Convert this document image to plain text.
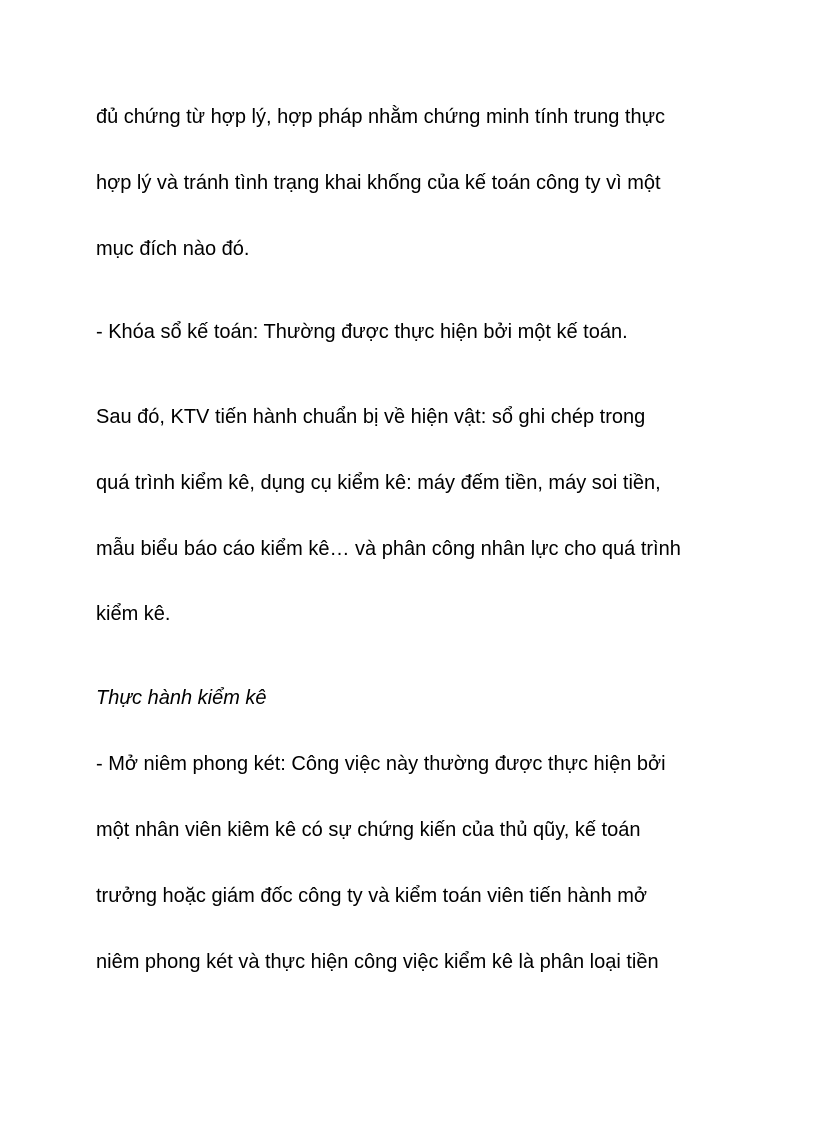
đủ chứng từ hợp lý, hợp pháp nhằm chứng minh tính trung thực

hợp lý và tránh tình trạng khai khống của kế toán công ty vì một

mục đích nào đó.

- Khóa sổ kế toán: Thường được thực hiện bởi một kế toán.

Sau đó, KTV tiến hành chuẩn bị về hiện vật: sổ ghi chép trong

quá trình kiểm kê, dụng cụ kiểm kê: máy đếm tiền, máy soi tiền,

mẫu biểu báo cáo kiểm kê… và phân công nhân lực cho quá trình

kiểm kê.

Thực hành kiểm kê

- Mở niêm phong két: Công việc này thường được thực hiện bởi

một nhân viên kiêm kê có sự chứng kiến của thủ qũy, kế toán

trưởng hoặc giám đốc công ty và kiểm toán viên tiến hành mở

niêm phong két và thực hiện công việc kiểm kê là phân loại tiền
